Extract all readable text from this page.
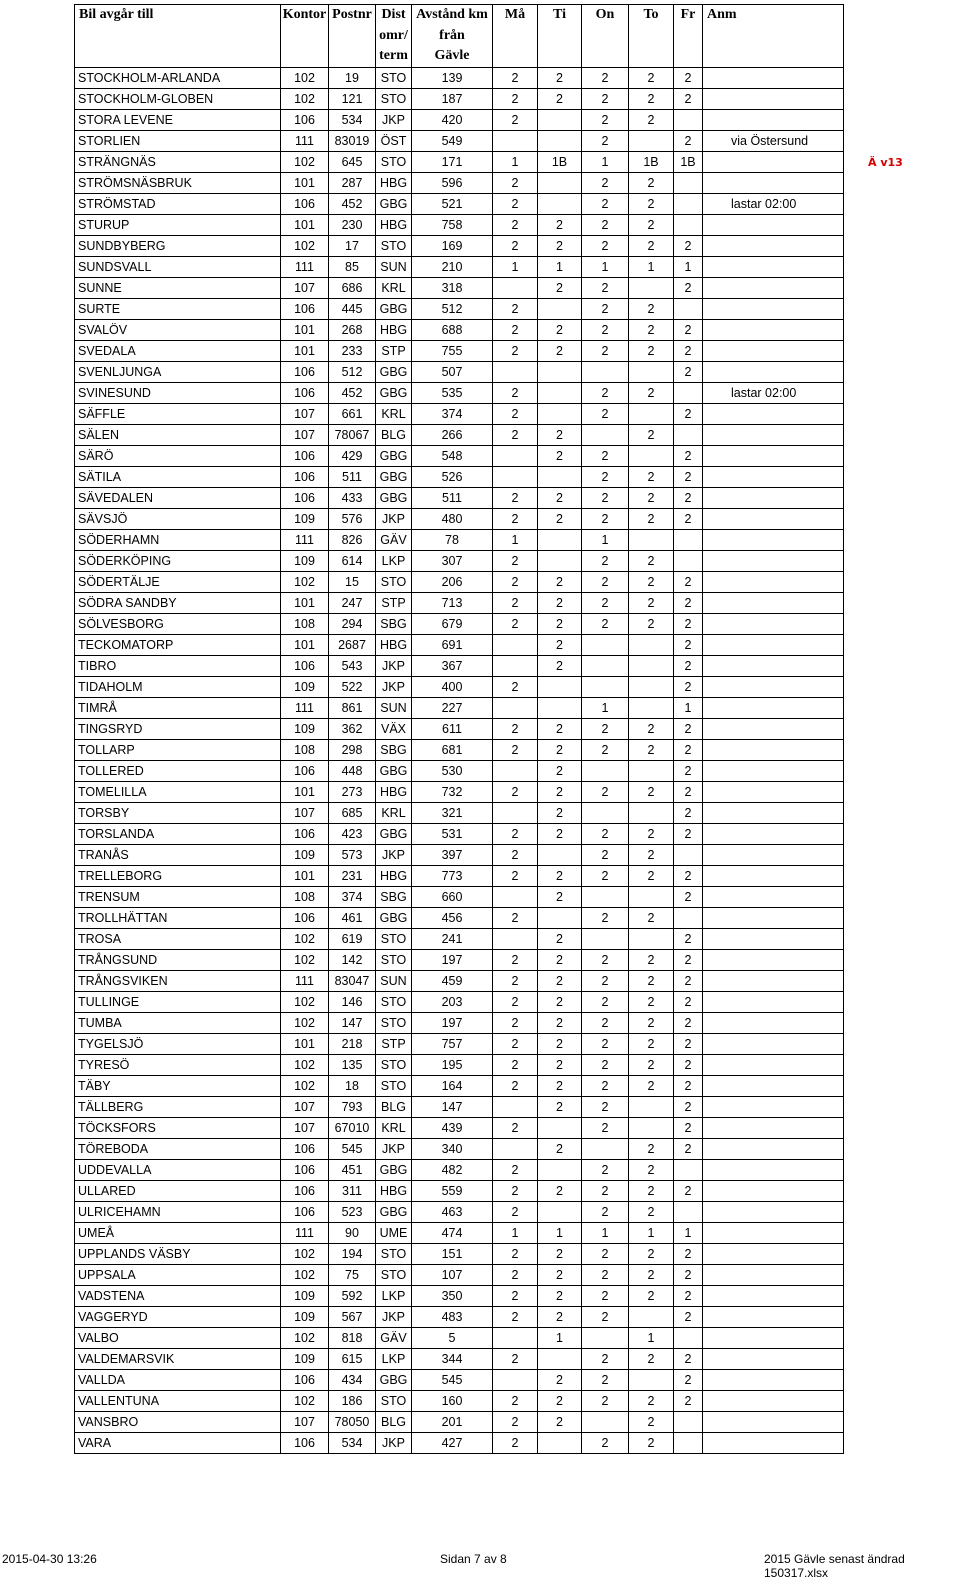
Bil avgår till	Kontor	Postnr	Dist
omr/
term	Avstånd km
från
Gävle	Må	Ti	On	To	Fr	Anm
STOCKHOLM-ARLANDA	102	19	STO	139	2	2	2	2	2	
STOCKHOLM-GLOBEN	102	121	STO	187	2	2	2	2	2	
STORA LEVENE	106	534	JKP	420	2		2	2		
STORLIEN	111	83019	ÖST	549			2		2	via Östersund
STRÄNGNÄS	102	645	STO	171	1	1B	1	1B	1B	
STRÖMSNÄSBRUK	101	287	HBG	596	2		2	2		
STRÖMSTAD	106	452	GBG	521	2		2	2		lastar 02:00
STURUP	101	230	HBG	758	2	2	2	2		
SUNDBYBERG	102	17	STO	169	2	2	2	2	2	
SUNDSVALL	111	85	SUN	210	1	1	1	1	1	
SUNNE	107	686	KRL	318		2	2		2	
SURTE	106	445	GBG	512	2		2	2		
SVALÖV	101	268	HBG	688	2	2	2	2	2	
SVEDALA	101	233	STP	755	2	2	2	2	2	
SVENLJUNGA	106	512	GBG	507					2	
SVINESUND	106	452	GBG	535	2		2	2		lastar 02:00
SÄFFLE	107	661	KRL	374	2		2		2	
SÄLEN	107	78067	BLG	266	2	2		2		
SÄRÖ	106	429	GBG	548		2	2		2	
SÄTILA	106	511	GBG	526			2	2	2	
SÄVEDALEN	106	433	GBG	511	2	2	2	2	2	
SÄVSJÖ	109	576	JKP	480	2	2	2	2	2	
SÖDERHAMN	111	826	GÄV	78	1		1			
SÖDERKÖPING	109	614	LKP	307	2		2	2		
SÖDERTÄLJE	102	15	STO	206	2	2	2	2	2	
SÖDRA SANDBY	101	247	STP	713	2	2	2	2	2	
SÖLVESBORG	108	294	SBG	679	2	2	2	2	2	
TECKOMATORP	101	2687	HBG	691		2			2	
TIBRO	106	543	JKP	367		2			2	
TIDAHOLM	109	522	JKP	400	2				2	
TIMRÅ	111	861	SUN	227			1		1	
TINGSRYD	109	362	VÄX	611	2	2	2	2	2	
TOLLARP	108	298	SBG	681	2	2	2	2	2	
TOLLERED	106	448	GBG	530		2			2	
TOMELILLA	101	273	HBG	732	2	2	2	2	2	
TORSBY	107	685	KRL	321		2			2	
TORSLANDA	106	423	GBG	531	2	2	2	2	2	
TRANÅS	109	573	JKP	397	2		2	2		
TRELLEBORG	101	231	HBG	773	2	2	2	2	2	
TRENSUM	108	374	SBG	660		2			2	
TROLLHÄTTAN	106	461	GBG	456	2		2	2		
TROSA	102	619	STO	241		2			2	
TRÅNGSUND	102	142	STO	197	2	2	2	2	2	
TRÅNGSVIKEN	111	83047	SUN	459	2	2	2	2	2	
TULLINGE	102	146	STO	203	2	2	2	2	2	
TUMBA	102	147	STO	197	2	2	2	2	2	
TYGELSJÖ	101	218	STP	757	2	2	2	2	2	
TYRESÖ	102	135	STO	195	2	2	2	2	2	
TÄBY	102	18	STO	164	2	2	2	2	2	
TÄLLBERG	107	793	BLG	147		2	2		2	
TÖCKSFORS	107	67010	KRL	439	2		2		2	
TÖREBODA	106	545	JKP	340		2		2	2	
UDDEVALLA	106	451	GBG	482	2		2	2		
ULLARED	106	311	HBG	559	2	2	2	2	2	
ULRICEHAMN	106	523	GBG	463	2		2	2		
UMEÅ	111	90	UME	474	1	1	1	1	1	
UPPLANDS VÄSBY	102	194	STO	151	2	2	2	2	2	
UPPSALA	102	75	STO	107	2	2	2	2	2	
VADSTENA	109	592	LKP	350	2	2	2	2	2	
VAGGERYD	109	567	JKP	483	2	2	2		2	
VALBO	102	818	GÄV	5		1		1		
VALDEMARSVIK	109	615	LKP	344	2		2	2	2	
VALLDA	106	434	GBG	545		2	2		2	
VALLENTUNA	102	186	STO	160	2	2	2	2	2	
VANSBRO	107	78050	BLG	201	2	2		2		
VARA	106	534	JKP	427	2		2	2		
Ä v13
2015-04-30 13:26	Sidan 7 av 8	2015 Gävle senast ändrad 150317.xlsx
